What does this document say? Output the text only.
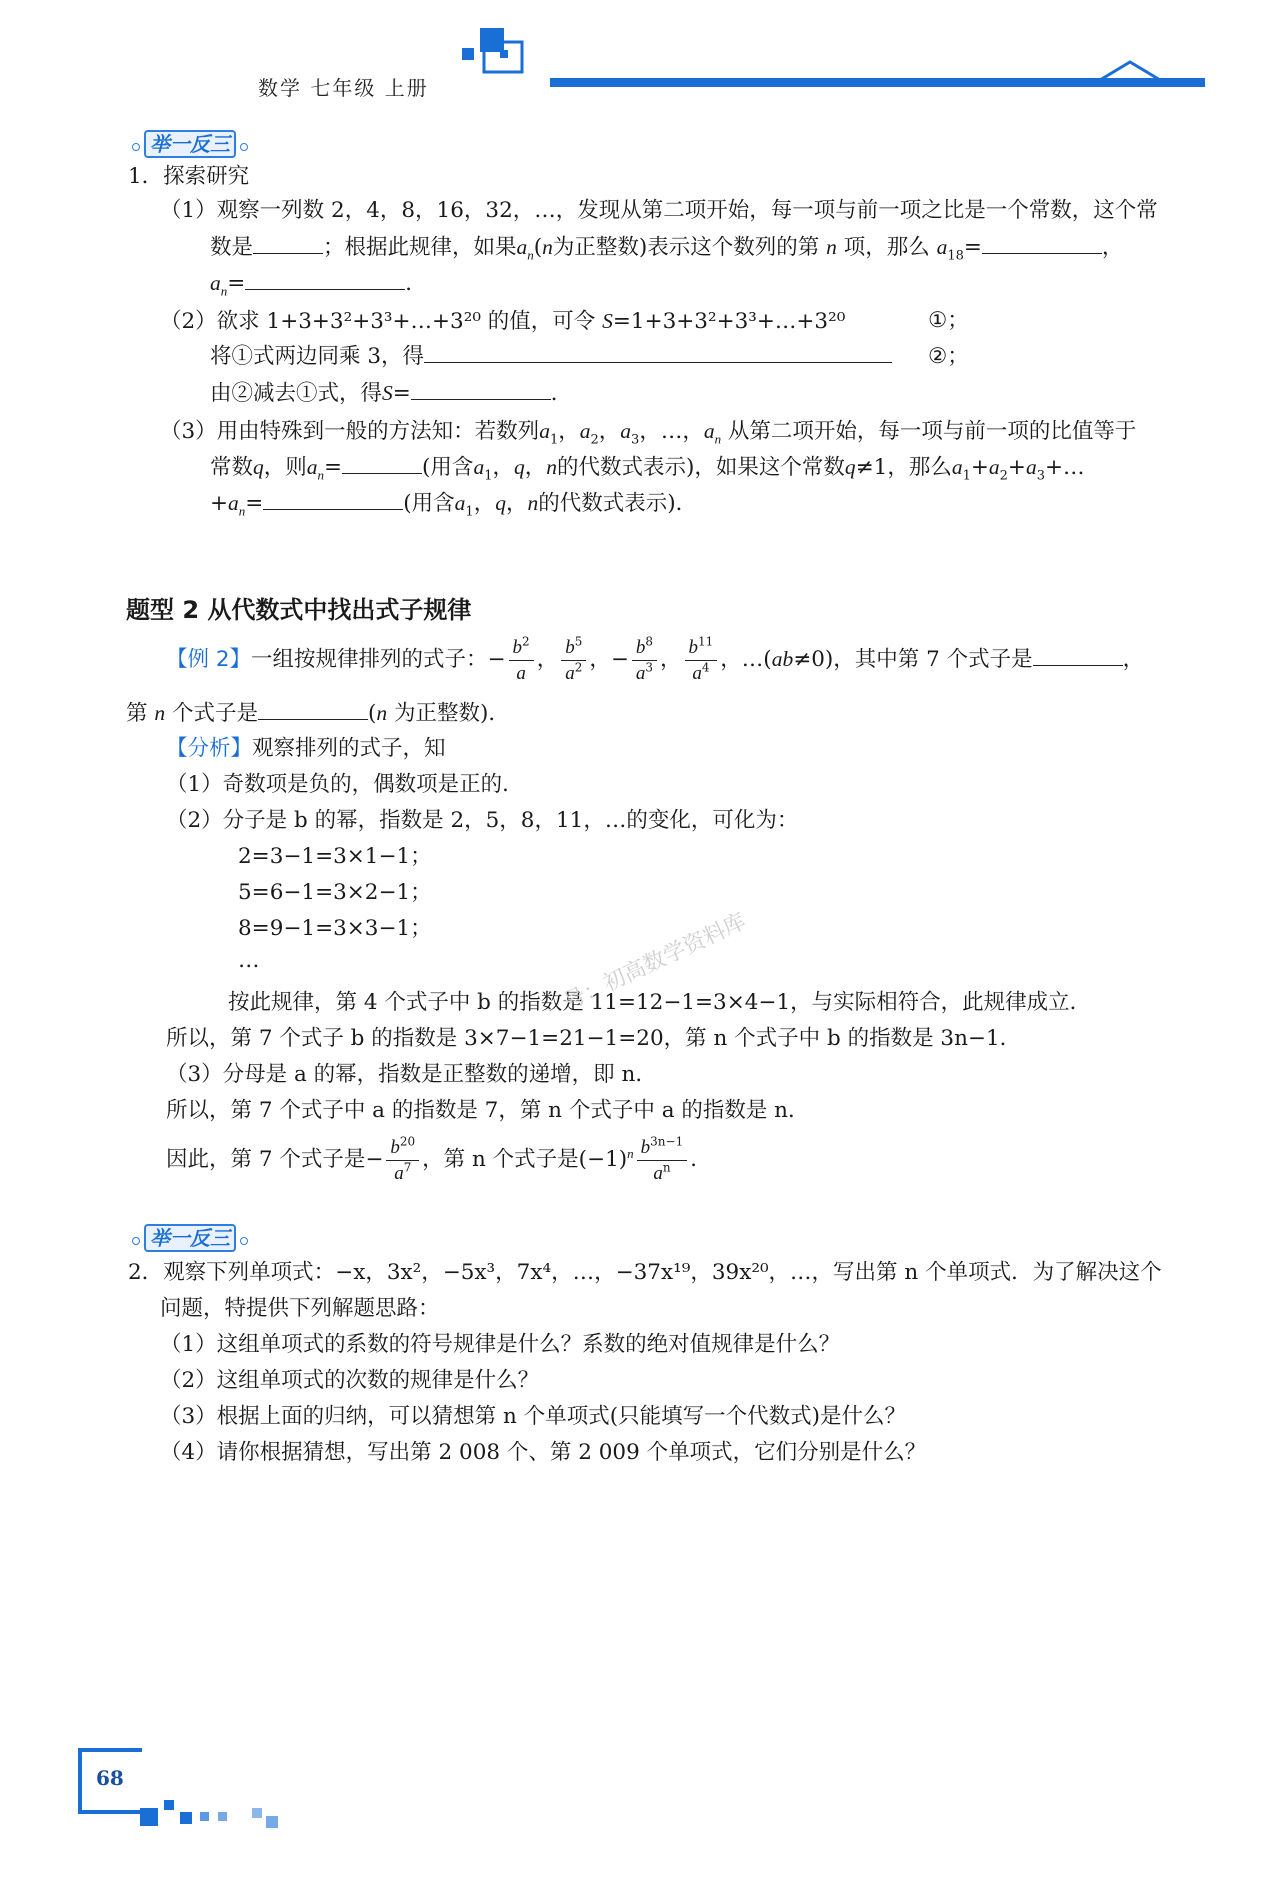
数学 七年级 上册
举一反三
1．探索研究
（1）观察一列数 2，4，8，16，32，…，发现从第二项开始，每一项与前一项之比是一个常数，这个常
数是	；根据此规律，如果$a_n(n$为正整数)表示这个数列的第 n 项，那么 $a_{18}=$	，
$a_n=$	．
（2）欲求 1+3+3²+3³+…+3²⁰ 的值，可令 S=1+3+3²+3³+…+3²⁰	①；
将①式两边同乘 3，得	②；
由②减去①式，得S=	．
（3）用由特殊到一般的方法知：若数列$a_1$，$a_2$，$a_3$，…，$a_n$ 从第二项开始，每一项与前一项的比值等于
常数q，则$a_n=$	(用含$a_1$，q，n的代数式表示)，如果这个常数q≠1，那么$a_1+a_2+a_3+\dots$
$+a_n=$	(用含$a_1$，q，n的代数式表示)．
题型 2 从代数式中找出式子规律
【例 2】一组按规律排列的式子：− $\frac{b^2}{a}$ ， $\frac{b^5}{a^2}$ ，− $\frac{b^8}{a^3}$ ， $\frac{b^{11}}{a^4}$ ，…(ab≠0)，其中第 7 个式子是	，
第 n 个式子是	(n 为正整数)．
【分析】观察排列的式子，知
（1）奇数项是负的，偶数项是正的．
（2）分子是 b 的幂，指数是 2，5，8，11，…的变化，可化为：
2=3−1=3×1−1；
5=6−1=3×2−1；
8=9−1=3×3−1；
…
按此规律，第 4 个式子中 b 的指数是 11=12−1=3×4−1，与实际相符合，此规律成立．
所以，第 7 个式子 b 的指数是 3×7−1=21−1=20，第 n 个式子中 b 的指数是 3n−1．
（3）分母是 a 的幂，指数是正整数的递增，即 n．
所以，第 7 个式子中 a 的指数是 7，第 n 个式子中 a 的指数是 n．
因此，第 7 个式子是− $\frac{b^{20}}{a^7}$ ，第 n 个式子是$(-1)^n \frac{b^{3n-1}}{a^n}$ ．
号：初高数学资料库
举一反三
2．观察下列单项式：−x，3x²，−5x³，7x⁴，…，−37x¹⁹，39x²⁰，…，写出第 n 个单项式．为了解决这个
问题，特提供下列解题思路：
（1）这组单项式的系数的符号规律是什么？系数的绝对值规律是什么？
（2）这组单项式的次数的规律是什么？
（3）根据上面的归纳，可以猜想第 n 个单项式(只能填写一个代数式)是什么？
（4）请你根据猜想，写出第 2 008 个、第 2 009 个单项式，它们分别是什么？
68
